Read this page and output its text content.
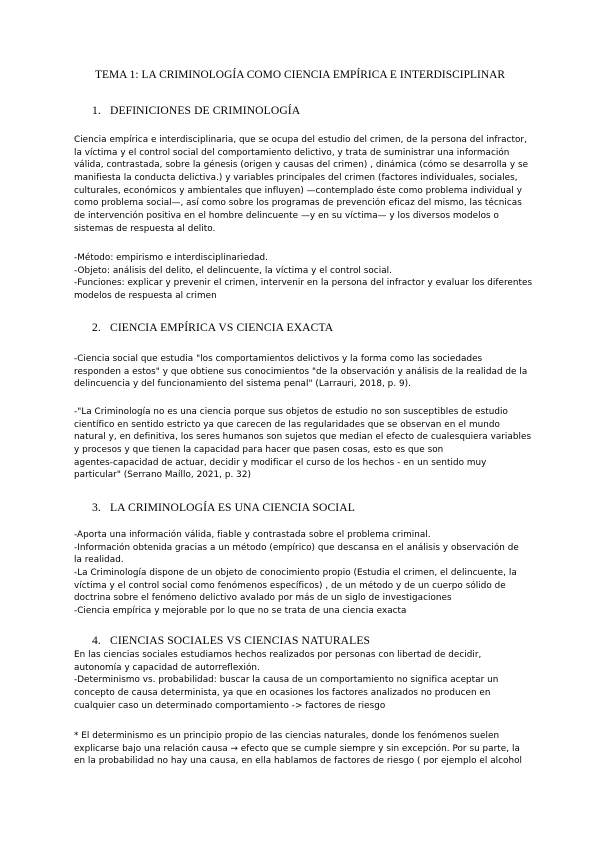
TEMA 1: LA CRIMINOLOGÍA COMO CIENCIA EMPÍRICA E INTERDISCIPLINAR
1. DEFINICIONES DE CRIMINOLOGÍA
Ciencia empírica e interdisciplinaria, que se ocupa del estudio del crimen, de la persona del infractor,
la víctima y el control social del comportamiento delictivo, y trata de suministrar una información
válida, contrastada, sobre la génesis (origen y causas del crimen) , dinámica (cómo se desarrolla y se
manifiesta la conducta delictiva.) y variables principales del crimen (factores individuales, sociales,
culturales, económicos y ambientales que influyen) —contemplado éste como problema individual y
como problema social—, así como sobre los programas de prevención eficaz del mismo, las técnicas
de intervención positiva en el hombre delincuente —y en su víctima— y los diversos modelos o
sistemas de respuesta al delito.
-Método: empirismo e interdisciplinariedad.
-Objeto: análisis del delito, el delincuente, la víctima y el control social.
-Funciones: explicar y prevenir el crimen, intervenir en la persona del infractor y evaluar los diferentes
modelos de respuesta al crimen
2. CIENCIA EMPÍRICA VS CIENCIA EXACTA
-Ciencia social que estudia "los comportamientos delictivos y la forma como las sociedades
responden a estos" y que obtiene sus conocimientos "de la observación y análisis de la realidad de la
delincuencia y del funcionamiento del sistema penal" (Larrauri, 2018, p. 9).
-"La Criminología no es una ciencia porque sus objetos de estudio no son susceptibles de estudio
científico en sentido estricto ya que carecen de las regularidades que se observan en el mundo
natural y, en definitiva, los seres humanos son sujetos que median el efecto de cualesquiera variables
y procesos y que tienen la capacidad para hacer que pasen cosas, esto es que son
agentes-capacidad de actuar, decidir y modificar el curso de los hechos - en un sentido muy
particular" (Serrano Maíllo, 2021, p. 32)
3. LA CRIMINOLOGÍA ES UNA CIENCIA SOCIAL
-Aporta una información válida, fiable y contrastada sobre el problema criminal.
-Información obtenida gracias a un método (empírico) que descansa en el análisis y observación de
la realidad.
-La Criminología dispone de un objeto de conocimiento propio (Estudia el crimen, el delincuente, la
víctima y el control social como fenómenos específicos) , de un método y de un cuerpo sólido de
doctrina sobre el fenómeno delictivo avalado por más de un siglo de investigaciones
-Ciencia empírica y mejorable por lo que no se trata de una ciencia exacta
4. CIENCIAS SOCIALES VS CIENCIAS NATURALES
En las ciencias sociales estudiamos hechos realizados por personas con libertad de decidir,
autonomía y capacidad de autorreflexión.
-Determinismo vs. probabilidad: buscar la causa de un comportamiento no significa aceptar un
concepto de causa determinista, ya que en ocasiones los factores analizados no producen en
cualquier caso un determinado comportamiento -> factores de riesgo
* El determinismo es un principio propio de las ciencias naturales, donde los fenómenos suelen
explicarse bajo una relación causa → efecto que se cumple siempre y sin excepción. Por su parte, la
en la probabilidad no hay una causa, en ella hablamos de factores de riesgo ( por ejemplo el alcohol
